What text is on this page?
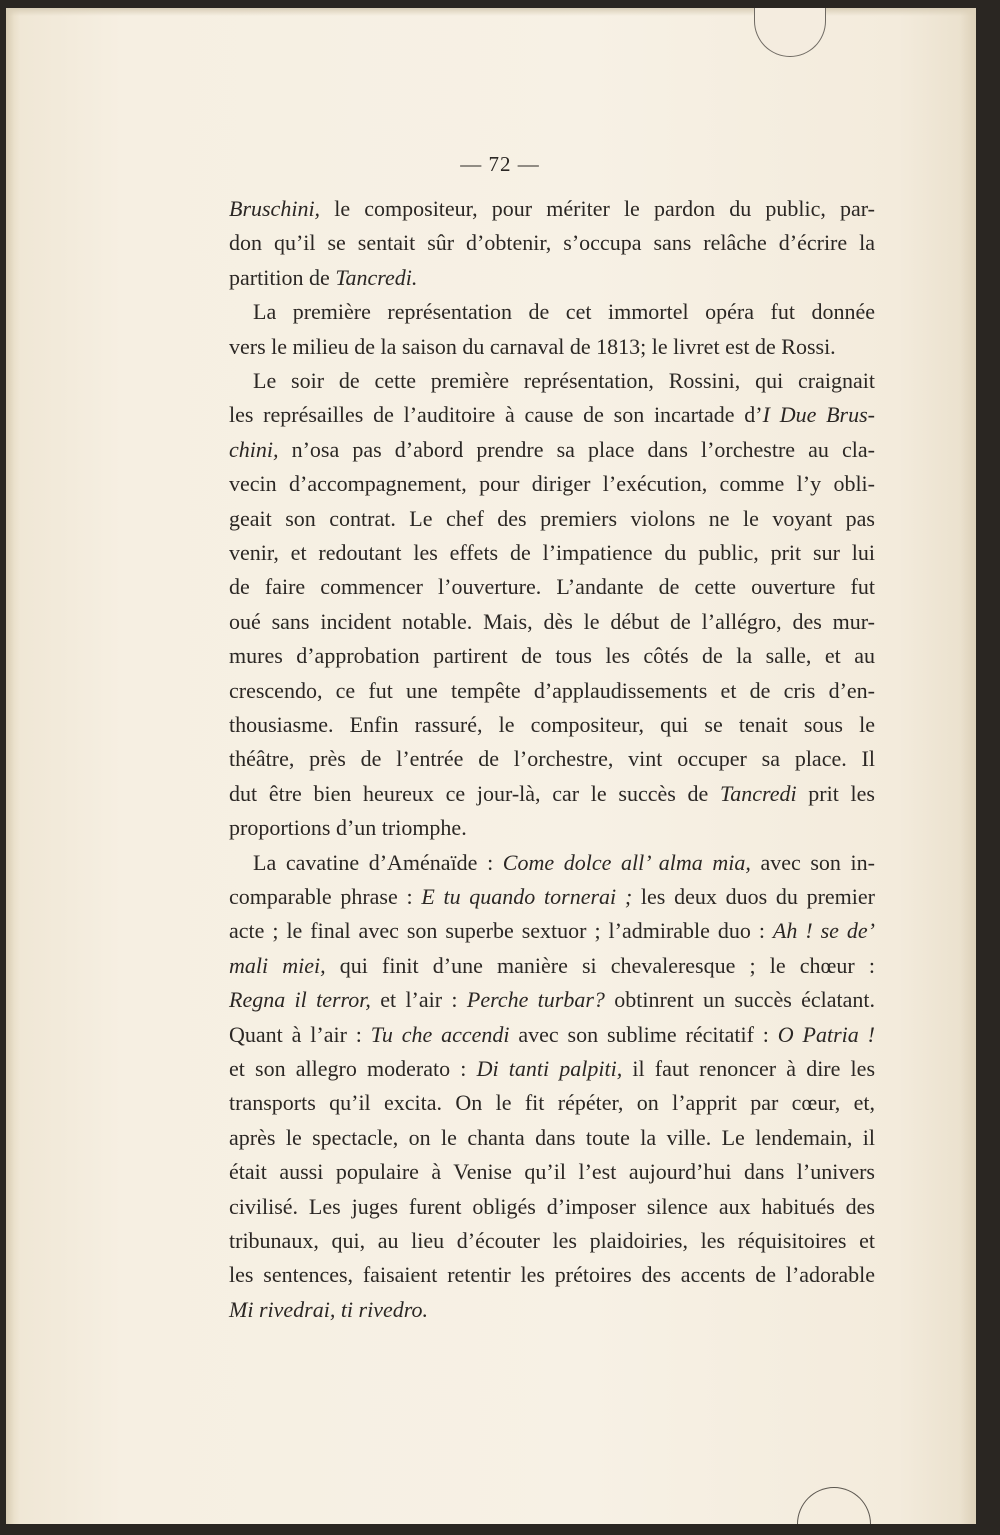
— 72 —
Bruschini, le compositeur, pour mériter le pardon du public, par-
don qu’il se sentait sûr d’obtenir, s’occupa sans relâche d’écrire la
partition de Tancredi.
La première représentation de cet immortel opéra fut donnée
vers le milieu de la saison du carnaval de 1813; le livret est de Rossi.
Le soir de cette première représentation, Rossini, qui craignait
les représailles de l’auditoire à cause de son incartade d’I Due Brus-
chini, n’osa pas d’abord prendre sa place dans l’orchestre au cla-
vecin d’accompagnement, pour diriger l’exécution, comme l’y obli-
geait son contrat. Le chef des premiers violons ne le voyant pas
venir, et redoutant les effets de l’impatience du public, prit sur lui
de faire commencer l’ouverture. L’andante de cette ouverture fut
oué sans incident notable. Mais, dès le début de l’allégro, des mur-
mures d’approbation partirent de tous les côtés de la salle, et au
crescendo, ce fut une tempête d’applaudissements et de cris d’en-
thousiasme. Enfin rassuré, le compositeur, qui se tenait sous le
théâtre, près de l’entrée de l’orchestre, vint occuper sa place. Il
dut être bien heureux ce jour-là, car le succès de Tancredi prit les
proportions d’un triomphe.
La cavatine d’Aménaïde : Come dolce all’ alma mia, avec son in-
comparable phrase : E tu quando tornerai ; les deux duos du premier
acte ; le final avec son superbe sextuor ; l’admirable duo : Ah ! se de’
mali miei, qui finit d’une manière si chevaleresque ; le chœur :
Regna il terror, et l’air : Perche turbar? obtinrent un succès éclatant.
Quant à l’air : Tu che accendi avec son sublime récitatif : O Patria !
et son allegro moderato : Di tanti palpiti, il faut renoncer à dire les
transports qu’il excita. On le fit répéter, on l’apprit par cœur, et,
après le spectacle, on le chanta dans toute la ville. Le lendemain, il
était aussi populaire à Venise qu’il l’est aujourd’hui dans l’univers
civilisé. Les juges furent obligés d’imposer silence aux habitués des
tribunaux, qui, au lieu d’écouter les plaidoiries, les réquisitoires et
les sentences, faisaient retentir les prétoires des accents de l’adorable
Mi rivedrai, ti rivedro.
